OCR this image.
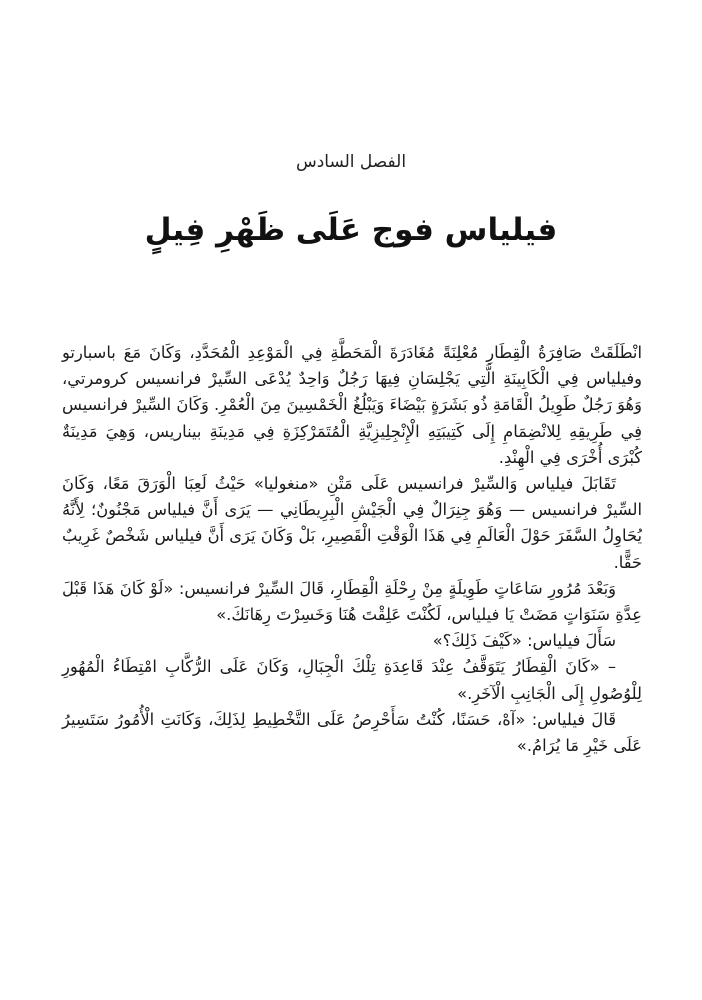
الفصل السادس
فيلياس فوج عَلَى ظَهْرِ فِيلٍ

انْطَلَقَتْ صَافِرَةُ الْقِطَارِ مُعْلِنَةً مُغَادَرَةَ الْمَحَطَّةِ فِي الْمَوْعِدِ الْمُحَدَّدِ، وَكَانَ مَعَ باسبارتو وفيلياس فِي الْكَابِينَةِ الَّتِي يَجْلِسَانِ فِيهَا رَجُلٌ وَاحِدٌ يُدْعَى السِّيرْ فرانسيس كرومرتي، وَهُوَ رَجُلٌ طَوِيلُ الْقَامَةِ ذُو بَشَرَةٍ بَيْضَاءَ وَيَبْلُغُ الْخَمْسِينَ مِنَ الْعُمْرِ. وَكَانَ السِّيرْ فرانسيس فِي طَرِيقِهِ لِلانْضِمَامِ إِلَى كَتِيبَتِهِ الْإِنْجِلِيزِيَّةِ الْمُتَمَرْكِزَةِ فِي مَدِينَةِ بيناريس، وَهِيَ مَدِينَةٌ كُبْرَى أُخْرَى فِي الْهِنْدِ.

تَقَابَلَ فيلياس وَالسِّيرْ فرانسيس عَلَى مَتْنِ «منغوليا» حَيْثُ لَعِبَا الْوَرَقَ مَعًا، وَكَانَ السِّيرْ فرانسيس — وَهُوَ جِنِرَالٌ فِي الْجَيْشِ الْبِرِيطَانِي — يَرَى أَنَّ فيلياس مَجْنُونٌ؛ لِأَنَّهُ يُحَاوِلُ السَّفَرَ حَوْلَ الْعَالَمِ فِي هَذَا الْوَقْتِ الْقَصِيرِ، بَلْ وَكَانَ يَرَى أَنَّ فيلياس شَخْصٌ غَرِيبٌ حَقًّا.

وَبَعْدَ مُرُورِ سَاعَاتٍ طَوِيلَةٍ مِنْ رِحْلَةِ الْقِطَارِ، قَالَ السِّيرْ فرانسيس: «لَوْ كَانَ هَذَا قَبْلَ عِدَّةِ سَنَوَاتٍ مَضَتْ يَا فيلياس، لَكُنْتَ عَلِقْتَ هُنَا وَخَسِرْتَ رِهَانَكَ.»

سَأَلَ فيلياس: «كَيْفَ ذَلِكَ؟»

– «كَانَ الْقِطَارُ يَتَوَقَّفُ عِنْدَ قَاعِدَةِ تِلْكَ الْجِبَالِ، وَكَانَ عَلَى الرُّكَّابِ امْتِطَاءُ الْمُهُورِ لِلْوُصُولِ إِلَى الْجَانِبِ الْآخَرِ.»

قَالَ فيلياس: «آهْ، حَسَنًا، كُنْتُ سَأَحْرِصُ عَلَى التَّخْطِيطِ لِذَلِكَ، وَكَانَتِ الْأُمُورُ سَتَسِيرُ عَلَى خَيْرِ مَا يُرَامُ.»
